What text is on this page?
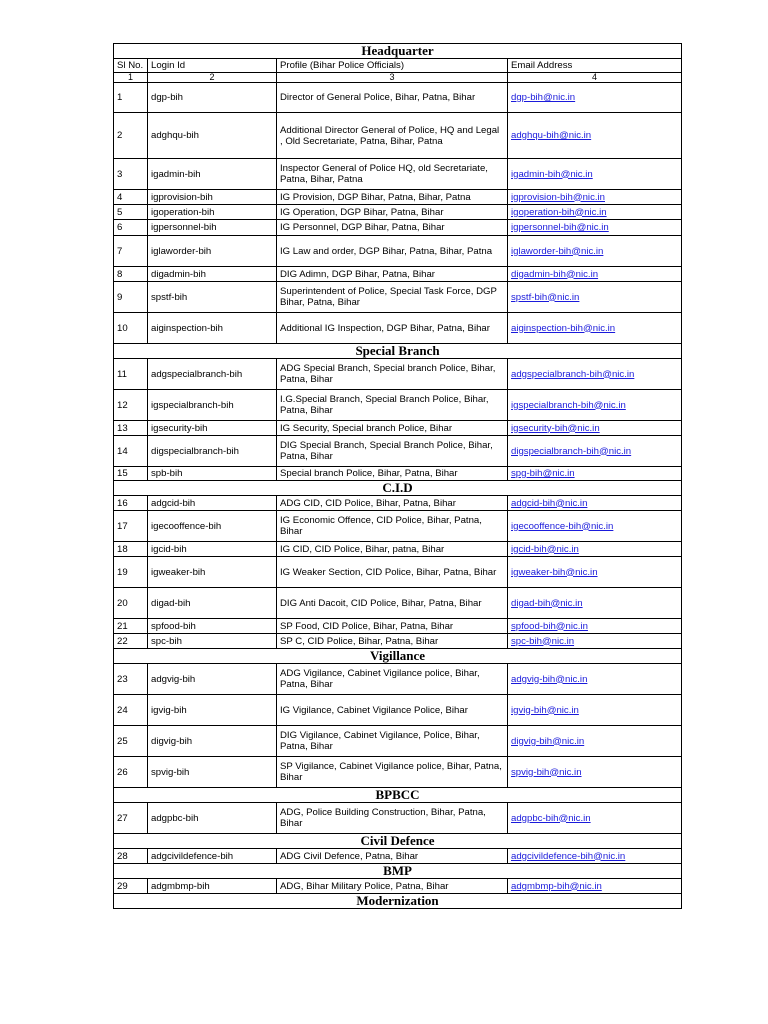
Headquarter			
Sl No.	Login Id	Profile (Bihar Police Officials)	Email Address
1	2	3	4
1	dgp-bih	Director of General Police, Bihar, Patna, Bihar	dgp-bih@nic.in
2	adghqu-bih	Additional Director General of Police, HQ and Legal , Old Secretariate, Patna, Bihar, Patna	adghqu-bih@nic.in
3	igadmin-bih	Inspector General of Police HQ, old Secretariate, Patna, Bihar, Patna	igadmin-bih@nic.in
4	igprovision-bih	IG Provision, DGP Bihar, Patna, Bihar, Patna	igprovision-bih@nic.in
5	igoperation-bih	IG Operation, DGP Bihar, Patna, Bihar	igoperation-bih@nic.in
6	igpersonnel-bih	IG Personnel, DGP Bihar, Patna, Bihar	igpersonnel-bih@nic.in
7	iglaworder-bih	IG Law and order, DGP Bihar, Patna, Bihar, Patna	iglaworder-bih@nic.in
8	digadmin-bih	DIG Adimn, DGP Bihar, Patna, Bihar	digadmin-bih@nic.in
9	spstf-bih	Superintendent of Police, Special Task Force, DGP Bihar, Patna, Bihar	spstf-bih@nic.in
10	aiginspection-bih	Additional IG Inspection, DGP Bihar, Patna, Bihar	aiginspection-bih@nic.in
Special Branch			
11	adgspecialbranch-bih	ADG Special Branch, Special branch Police, Bihar, Patna, Bihar	adgspecialbranch-bih@nic.in
12	igspecialbranch-bih	I.G.Special Branch, Special Branch Police, Bihar, Patna, Bihar	igspecialbranch-bih@nic.in
13	igsecurity-bih	IG Security, Special branch Police, Bihar	igsecurity-bih@nic.in
14	digspecialbranch-bih	DIG Special Branch, Special Branch Police, Bihar, Patna, Bihar	digspecialbranch-bih@nic.in
15	spb-bih	Special branch Police, Bihar, Patna, Bihar	spg-bih@nic.in
C.I.D			
16	adgcid-bih	ADG CID, CID Police, Bihar, Patna, Bihar	adgcid-bih@nic.in
17	igecooffence-bih	IG Economic Offence, CID Police, Bihar, Patna, Bihar	igecooffence-bih@nic.in
18	igcid-bih	IG CID, CID Police, Bihar, patna, Bihar	igcid-bih@nic.in
19	igweaker-bih	IG Weaker Section, CID Police, Bihar, Patna, Bihar	igweaker-bih@nic.in
20	digad-bih	DIG Anti Dacoit, CID Police, Bihar, Patna, Bihar	digad-bih@nic.in
21	spfood-bih	SP Food, CID Police, Bihar, Patna, Bihar	spfood-bih@nic.in
22	spc-bih	SP C, CID Police, Bihar, Patna, Bihar	spc-bih@nic.in
Vigillance			
23	adgvig-bih	ADG Vigilance, Cabinet Vigilance police, Bihar, Patna, Bihar	adgvig-bih@nic.in
24	igvig-bih	IG Vigilance, Cabinet Vigilance Police, Bihar	igvig-bih@nic.in
25	digvig-bih	DIG Vigilance, Cabinet Vigilance, Police, Bihar, Patna, Bihar	digvig-bih@nic.in
26	spvig-bih	SP Vigilance, Cabinet Vigilance police, Bihar, Patna, Bihar	spvig-bih@nic.in
BPBCC			
27	adgpbc-bih	ADG, Police Building Construction, Bihar, Patna, Bihar	adgpbc-bih@nic.in
Civil Defence			
28	adgcivildefence-bih	ADG Civil Defence, Patna, Bihar	adgcivildefence-bih@nic.in
BMP			
29	adgmbmp-bih	ADG, Bihar Military Police, Patna, Bihar	adgmbmp-bih@nic.in
Modernization			
